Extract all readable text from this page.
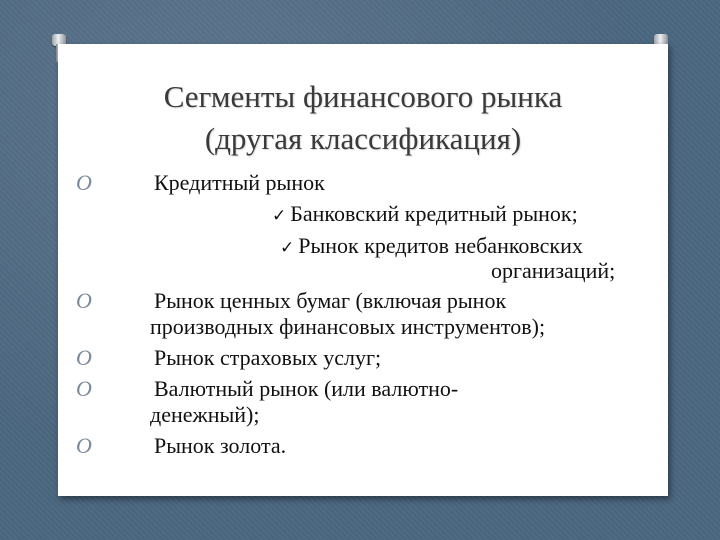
Сегменты финансового рынка
(другая классификация)
O	Кредитный рынок
✓ Банковский кредитный рынок;
✓ Рынок кредитов небанковских
организаций;
O	Рынок ценных бумаг (включая рынок
производных финансовых инструментов);
O	Рынок страховых услуг;
O	Валютный рынок (или валютно-
денежный);
O	Рынок золота.
